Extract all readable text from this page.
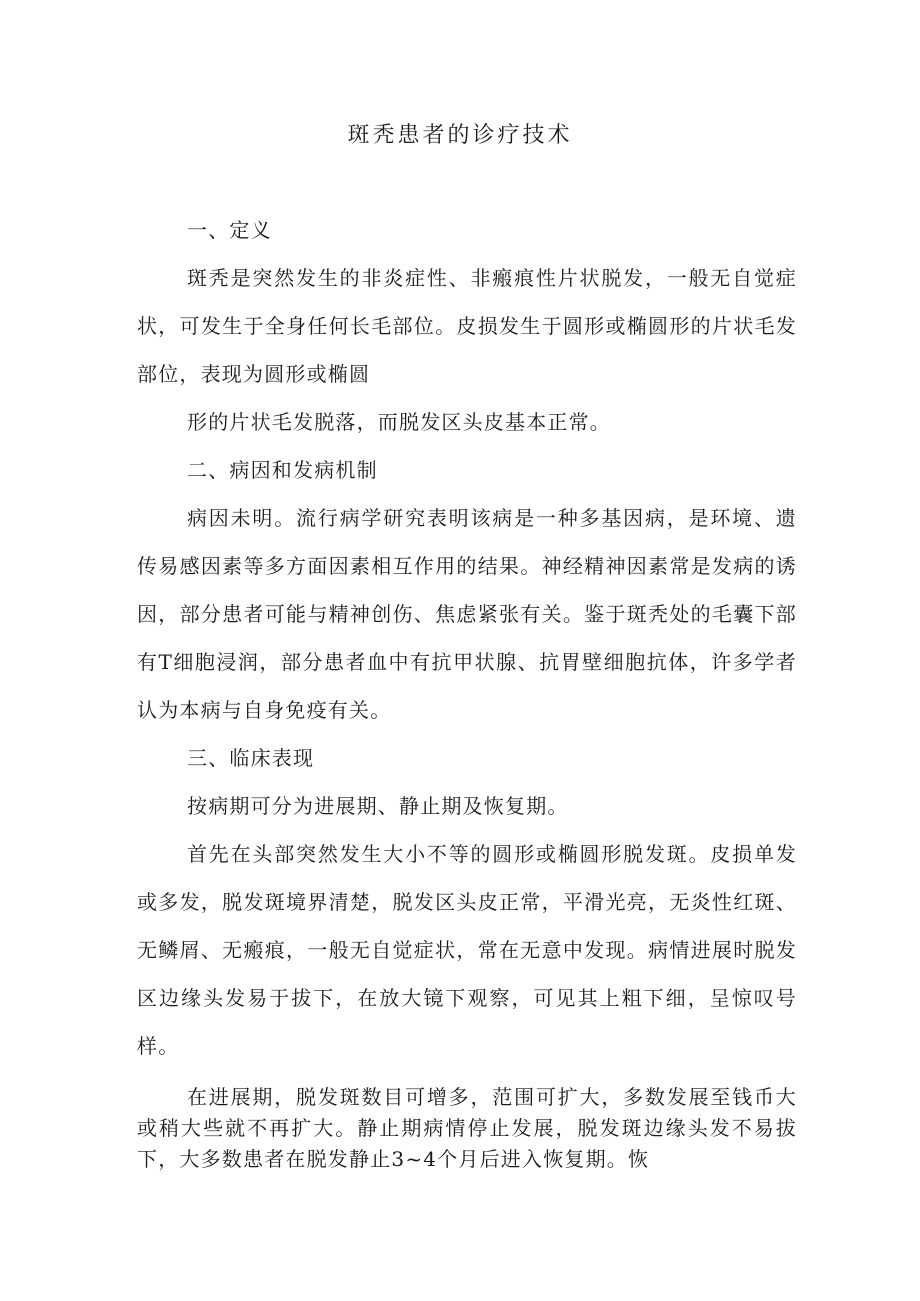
斑秃患者的诊疗技术

一、定义

斑秃是突然发生的非炎症性、非瘢痕性片状脱发，一般无自觉症状，可发生于全身任何长毛部位。皮损发生于圆形或椭圆形的片状毛发部位，表现为圆形或椭圆

形的片状毛发脱落，而脱发区头皮基本正常。

二、病因和发病机制

病因未明。流行病学研究表明该病是一种多基因病，是环境、遗传易感因素等多方面因素相互作用的结果。神经精神因素常是发病的诱因，部分患者可能与精神创伤、焦虑紧张有关。鉴于斑秃处的毛囊下部有T细胞浸润，部分患者血中有抗甲状腺、抗胃壁细胞抗体，许多学者认为本病与自身免疫有关。

三、临床表现

按病期可分为进展期、静止期及恢复期。

首先在头部突然发生大小不等的圆形或椭圆形脱发斑。皮损单发或多发，脱发斑境界清楚，脱发区头皮正常，平滑光亮，无炎性红斑、无鳞屑、无瘢痕，一般无自觉症状，常在无意中发现。病情进展时脱发区边缘头发易于拔下，在放大镜下观察，可见其上粗下细，呈惊叹号样。

在进展期，脱发斑数目可增多，范围可扩大，多数发展至钱币大或稍大些就不再扩大。静止期病情停止发展，脱发斑边缘头发不易拔下，大多数患者在脱发静止3~4个月后进入恢复期。恢
